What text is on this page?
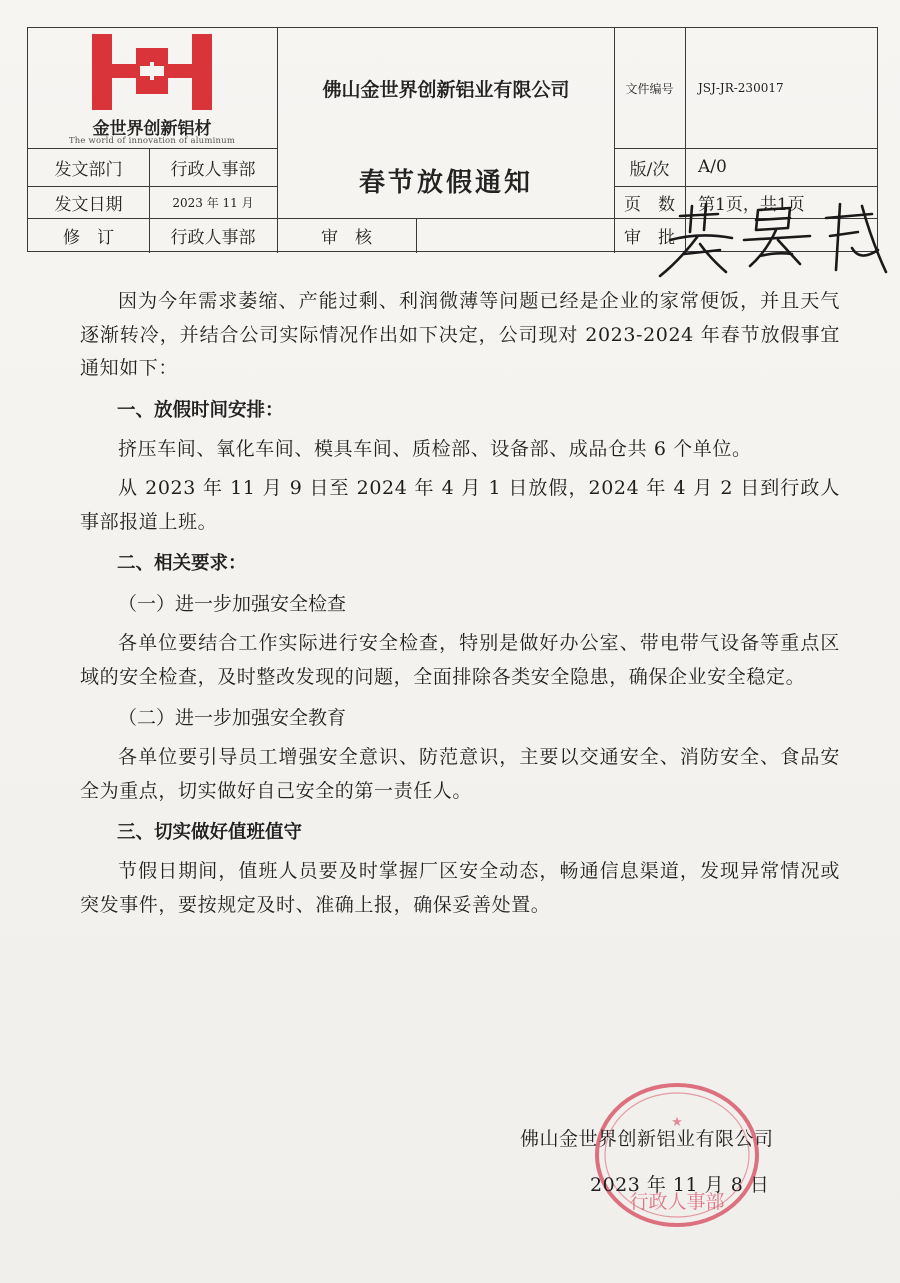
金世界创新铝材
The world of innovation of aluminum
佛山金世界创新铝业有限公司
春节放假通知
发文部门	行政人事部
发文日期	2023 年 11 月
修　订	行政人事部	审　核
文件编号	JSJ-JR-230017
版/次	A/0
页　数	第1页，共1页
审　批

因为今年需求萎缩、产能过剩、利润微薄等问题已经是企业的家常便饭，并且天气逐渐转冷，并结合公司实际情况作出如下决定，公司现对 2023-2024 年春节放假事宜通知如下：

一、放假时间安排：

挤压车间、氧化车间、模具车间、质检部、设备部、成品仓共 6 个单位。

从 2023 年 11 月 9 日至 2024 年 4 月 1 日放假，2024 年 4 月 2 日到行政人事部报道上班。

二、相关要求：
（一）进一步加强安全检查

各单位要结合工作实际进行安全检查，特别是做好办公室、带电带气设备等重点区域的安全检查，及时整改发现的问题，全面排除各类安全隐患，确保企业安全稳定。

（二）进一步加强安全教育

各单位要引导员工增强安全意识、防范意识，主要以交通安全、消防安全、食品安全为重点，切实做好自己安全的第一责任人。

三、切实做好值班值守

节假日期间，值班人员要及时掌握厂区安全动态，畅通信息渠道，发现异常情况或突发事件，要按规定及时、准确上报，确保妥善处置。

★
行政人事部
佛山金世界创新铝业有限公司
2023 年 11 月 8 日
